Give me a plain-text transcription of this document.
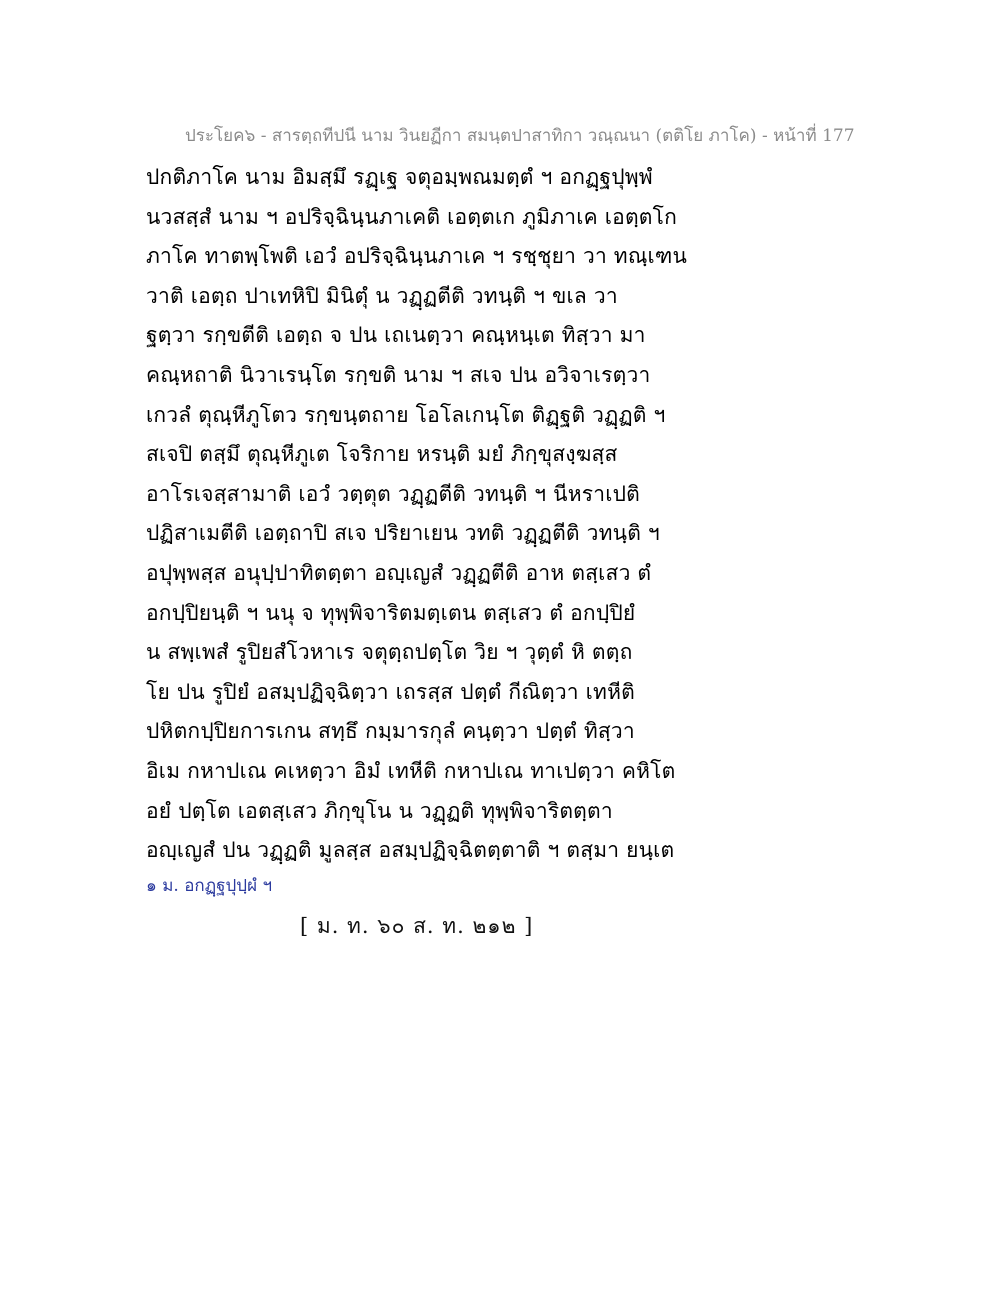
ประโยค๖ - สารตฺถทีปนี นาม วินยฏีกา สมนฺตปาสาทิกา วณฺณนา (ตติโย ภาโค) - หน้าที่ 177
ปกติภาโค นาม อิมสฺมึ รฏฺเฐ จตุอมฺพณมตฺตํ ฯ อกฏฺฐปุพฺพํ
นวสสฺสํ นาม ฯ อปริจฺฉินฺนภาเคติ เอตฺตเก ภูมิภาเค เอตฺตโก
ภาโค ทาตพฺโพติ เอวํ อปริจฺฉินฺนภาเค ฯ รชฺชุยา วา ทณฺเฑน
วาติ เอตฺถ ปาเทหิปิ มินิตุํ น วฏฺฏตีติ วทนฺติ ฯ ขเล วา
ฐตฺวา รกฺขตีติ เอตฺถ จ ปน เถเนตฺวา คณฺหนฺเต ทิสฺวา มา
คณฺหถาติ นิวาเรนฺโต รกฺขติ นาม ฯ สเจ ปน อวิจาเรตฺวา
เกวลํ ตุณฺหีภูโตว รกฺขนฺตถาย โอโลเกนฺโต ติฏฺฐติ วฏฺฏติ ฯ
สเจปิ ตสฺมึ ตุณฺหีภูเต โจริกาย หรนฺติ มยํ ภิกฺขุสงฺฆสฺส
อาโรเจสฺสามาติ เอวํ วตฺตุต วฏฺฏตีติ วทนฺติ ฯ นีหราเปติ
ปฏิสาเมตีติ เอตฺถาปิ สเจ ปริยาเยน วทติ วฏฺฏตีติ วทนฺติ ฯ
อปุพฺพสฺส อนุปฺปาทิตตฺตา อญฺเญสํ วฏฺฏตีติ อาห ตสฺเสว ตํ
อกปฺปิยนฺติ ฯ นนุ จ ทุพฺพิจาริตมตฺเตน ตสฺเสว ตํ อกปฺปิยํ
น สพฺเพสํ รูปิยสํโวหาเร จตุตฺถปตฺโต วิย ฯ วุตฺตํ หิ ตตฺถ
โย ปน รูปิยํ อสมฺปฏิจฺฉิตฺวา เถรสฺส ปตฺตํ กีณิตฺวา เทหีติ
ปหิตกปฺปิยการเกน สทฺธึ กมฺมารกุลํ คนฺตฺวา ปตฺตํ ทิสฺวา
อิเม กหาปเณ คเหตฺวา อิมํ เทหีติ กหาปเณ ทาเปตฺวา คหิโต
อยํ ปตฺโต เอตสฺเสว ภิกฺขุโน น วฏฺฏติ ทุพฺพิจาริตตฺตา
อญฺเญสํ ปน วฏฺฏติ มูลสฺส อสมฺปฏิจฺฉิตตฺตาติ ฯ ตสฺมา ยนฺเต
๑ ม. อกฏฺฐปุปฺผํ ฯ
[ ม. ท. ๖๐ ส. ท. ๒๑๒ ]
